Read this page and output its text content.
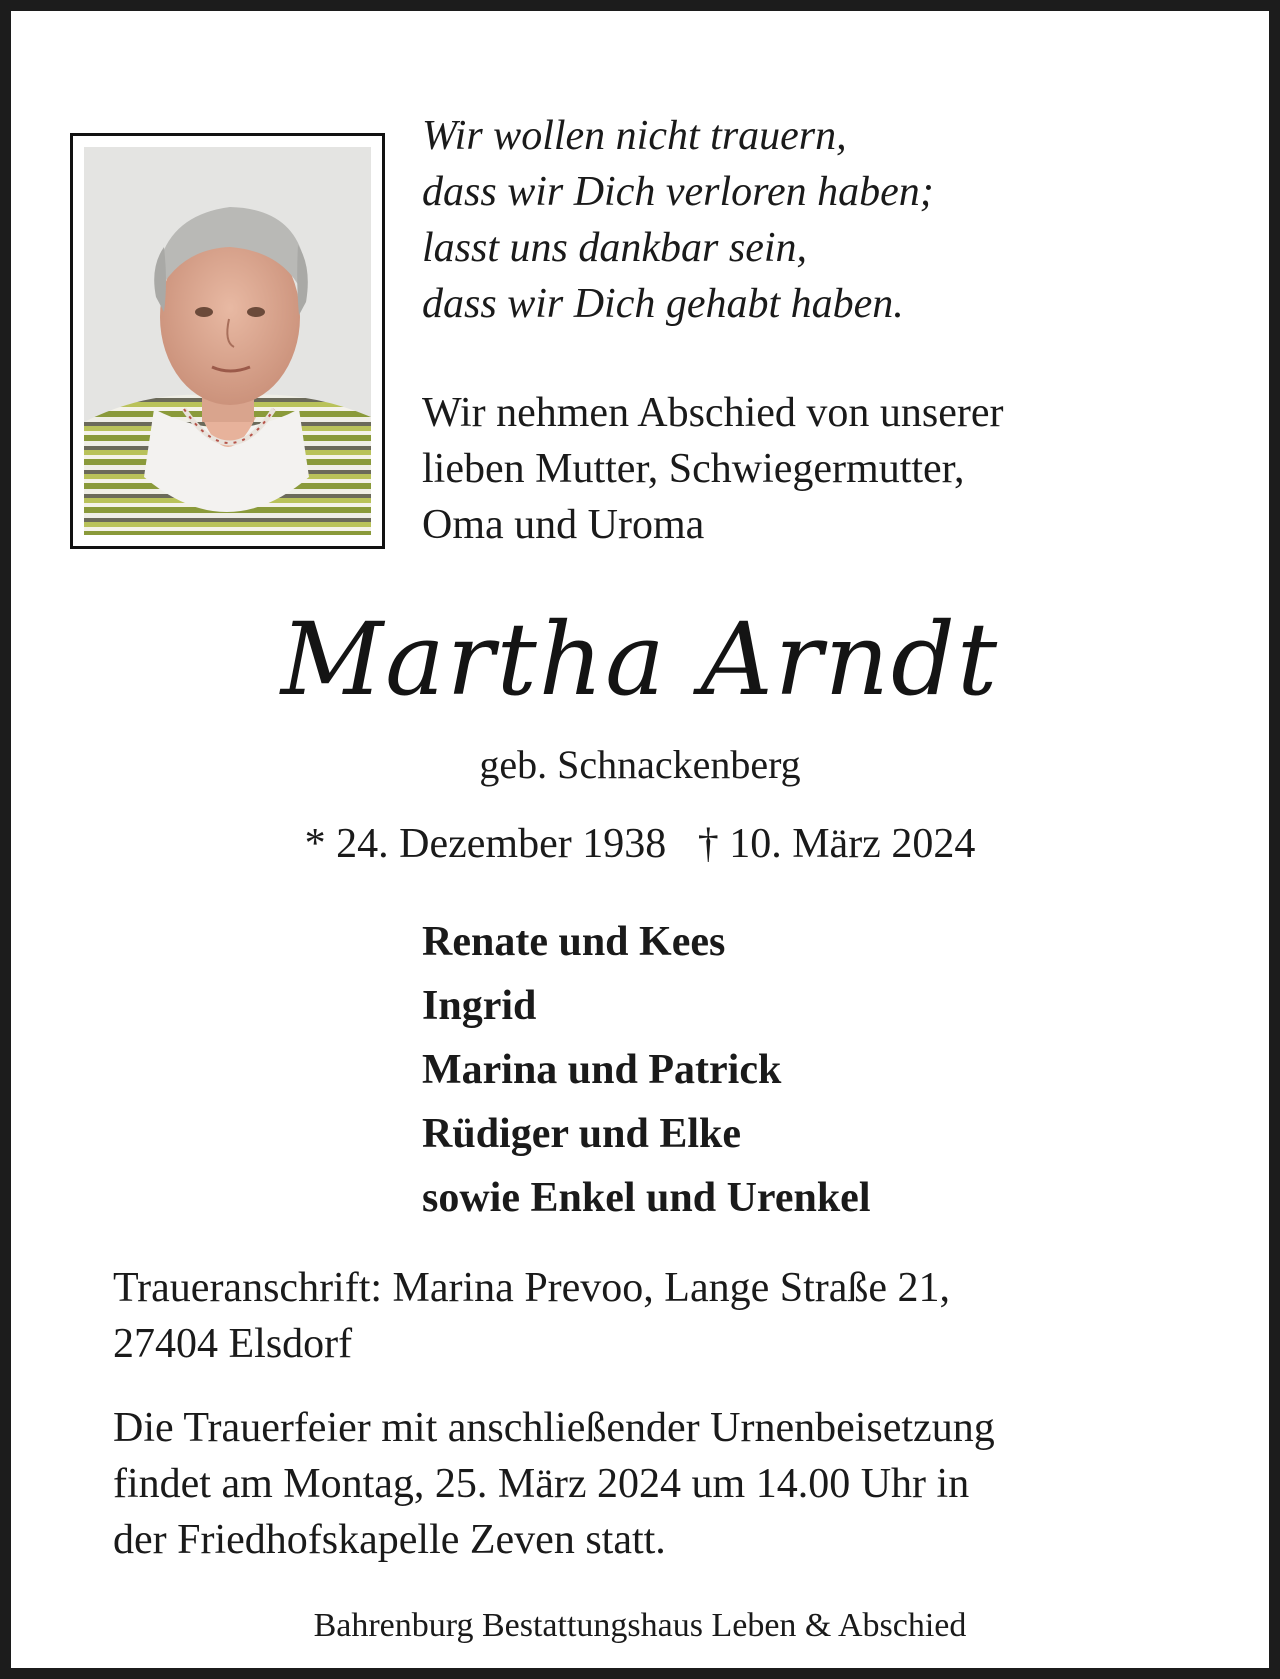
Wir wollen nicht trauern,
dass wir Dich verloren haben;
lasst uns dankbar sein,
dass wir Dich gehabt haben.
Wir nehmen Abschied von unserer
lieben Mutter, Schwiegermutter,
Oma und Uroma
Martha Arndt
geb. Schnackenberg
* 24. Dezember 1938   † 10. März 2024
Renate und Kees
Ingrid
Marina und Patrick
Rüdiger und Elke
sowie Enkel und Urenkel
Traueranschrift: Marina Prevoo, Lange Straße 21,
27404 Elsdorf
Die Trauerfeier mit anschließender Urnenbeisetzung
findet am Montag, 25. März 2024 um 14.00 Uhr in
der Friedhofskapelle Zeven statt.
Bahrenburg Bestattungshaus Leben & Abschied
